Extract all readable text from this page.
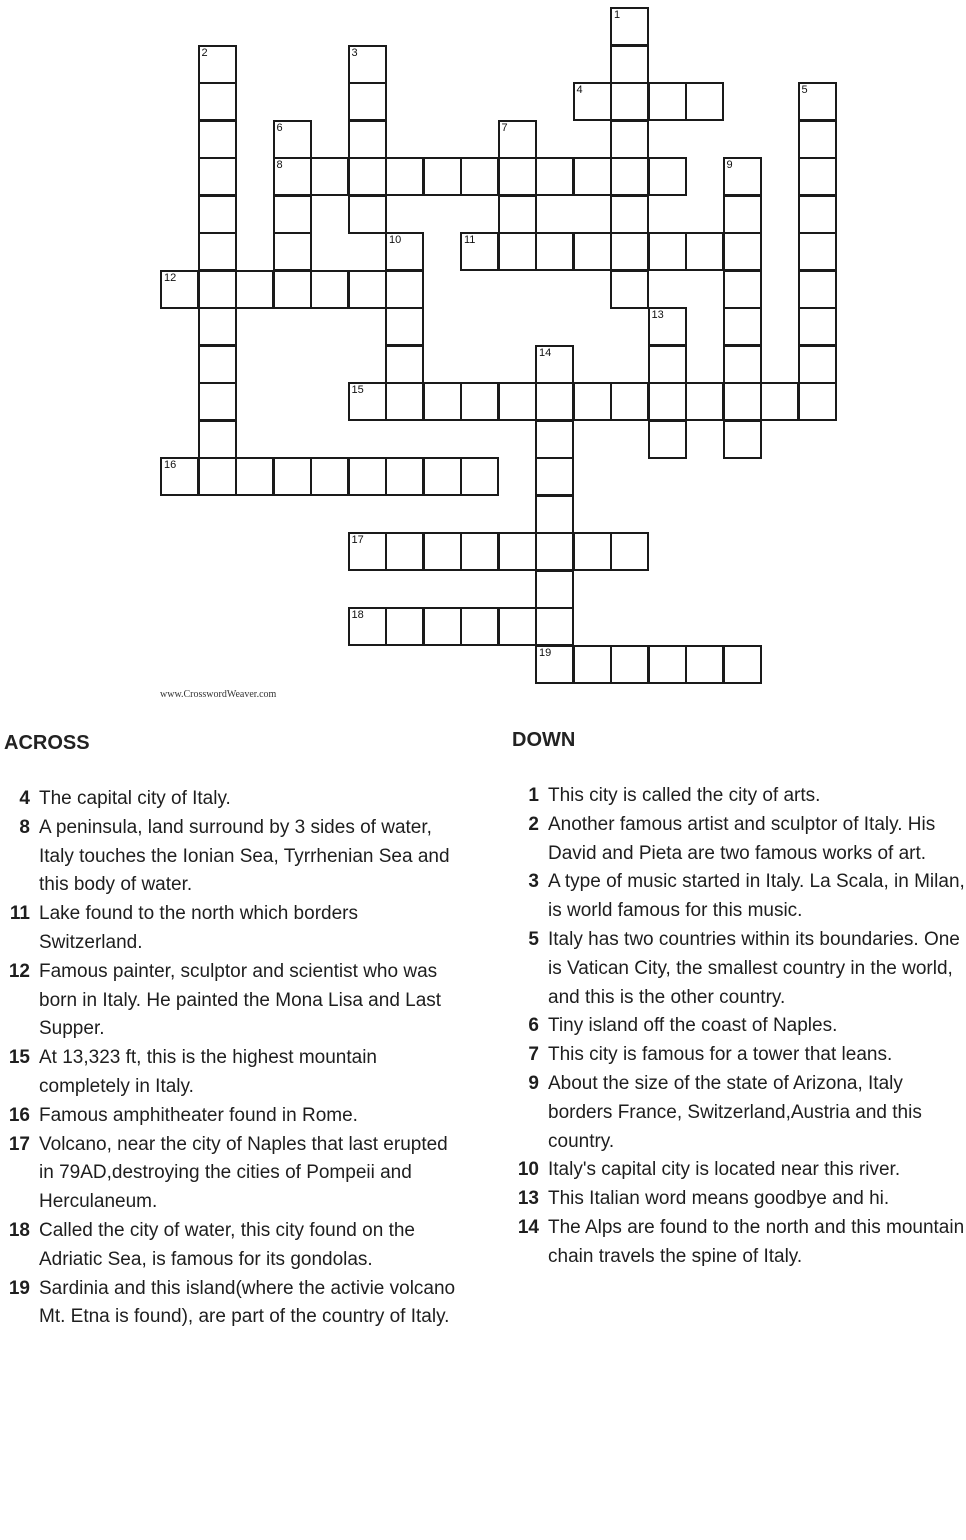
1
2	3
4	5
6
8
7
9
10	11
12
13
14
15
16
17
18
19
www.CrosswordWeaver.com
ACROSS	DOWN
4 The capital city of Italy.
8 A peninsula, land surround by 3 sides of water, Italy touches the Ionian Sea, Tyrrhenian Sea and this body of water.
11 Lake found to the north which borders Switzerland.
12 Famous painter, sculptor and scientist who was born in Italy. He painted the Mona Lisa and Last Supper.
15 At 13,323 ft, this is the highest mountain completely in Italy.
16 Famous amphitheater found in Rome.
17 Volcano, near the city of Naples that last erupted in 79AD,destroying the cities of Pompeii and Herculaneum.
18 Called the city of water, this city found on the Adriatic Sea, is famous for its gondolas.
19 Sardinia and this island(where the activie volcano Mt. Etna is found), are part of the country of Italy.
1 This city is called the city of arts.
2 Another famous artist and sculptor of Italy. His David and Pieta are two famous works of art.
3 A type of music started in Italy. La Scala, in Milan, is world famous for this music.
5 Italy has two countries within its boundaries. One is Vatican City, the smallest country in the world, and this is the other country.
6 Tiny island off the coast of Naples.
7 This city is famous for a tower that leans.
9 About the size of the state of Arizona, Italy borders France, Switzerland,Austria and this country.
10 Italy's capital city is located near this river.
13 This Italian word means goodbye and hi.
14 The Alps are found to the north and this mountain chain travels the spine of Italy.
